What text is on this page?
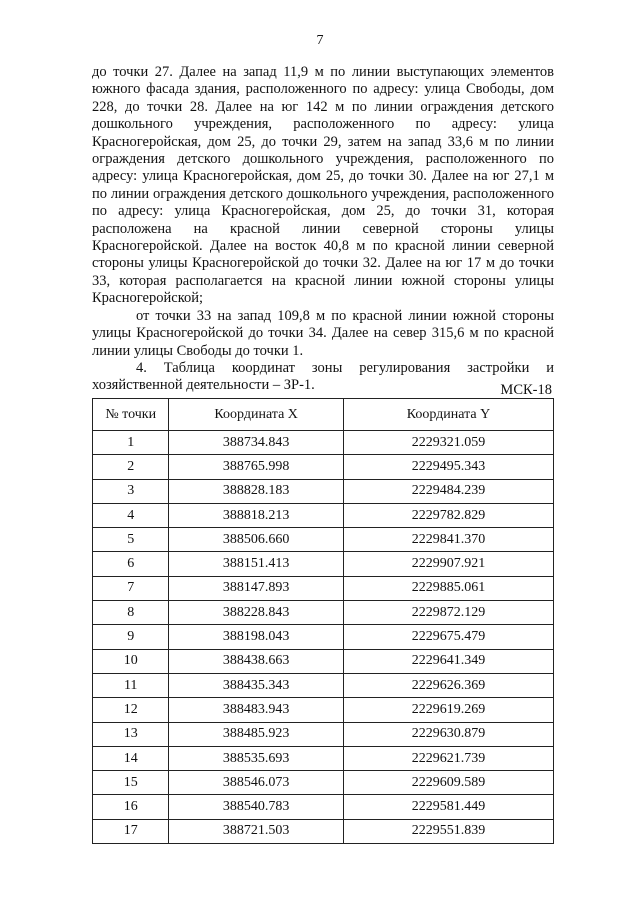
7

до точки 27. Далее на запад 11,9 м по линии выступающих элементов южного фасада здания, расположенного по адресу: улица Свободы, дом 228, до точки 28. Далее на юг 142 м по линии ограждения детского дошкольного учреждения, расположенного по адресу: улица Красногеройская, дом 25, до точки 29, затем на запад 33,6 м по линии ограждения детского дошкольного учреждения, расположенного по адресу: улица Красногеройская, дом 25, до точки 30. Далее на юг 27,1 м по линии ограждения детского дошкольного учреждения, расположенного по адресу: улица Красногеройская, дом 25, до точки 31, которая расположена на красной линии северной стороны улицы Красногеройской. Далее на восток 40,8 м по красной линии северной стороны улицы Красногеройской до точки 32. Далее на юг 17 м до точки 33, которая располагается на красной линии южной стороны улицы Красногеройской;

от точки 33 на запад 109,8 м по красной линии южной стороны улицы Красногеройской до точки 34. Далее на север 315,6 м по красной линии улицы Свободы до точки 1.

4. Таблица координат зоны регулирования застройки и хозяйственной деятельности – ЗР-1.	МСК-18
№ точки	Координата X	Координата Y
1	388734.843	2229321.059
2	388765.998	2229495.343
3	388828.183	2229484.239
4	388818.213	2229782.829
5	388506.660	2229841.370
6	388151.413	2229907.921
7	388147.893	2229885.061
8	388228.843	2229872.129
9	388198.043	2229675.479
10	388438.663	2229641.349
11	388435.343	2229626.369
12	388483.943	2229619.269
13	388485.923	2229630.879
14	388535.693	2229621.739
15	388546.073	2229609.589
16	388540.783	2229581.449
17	388721.503	2229551.839
